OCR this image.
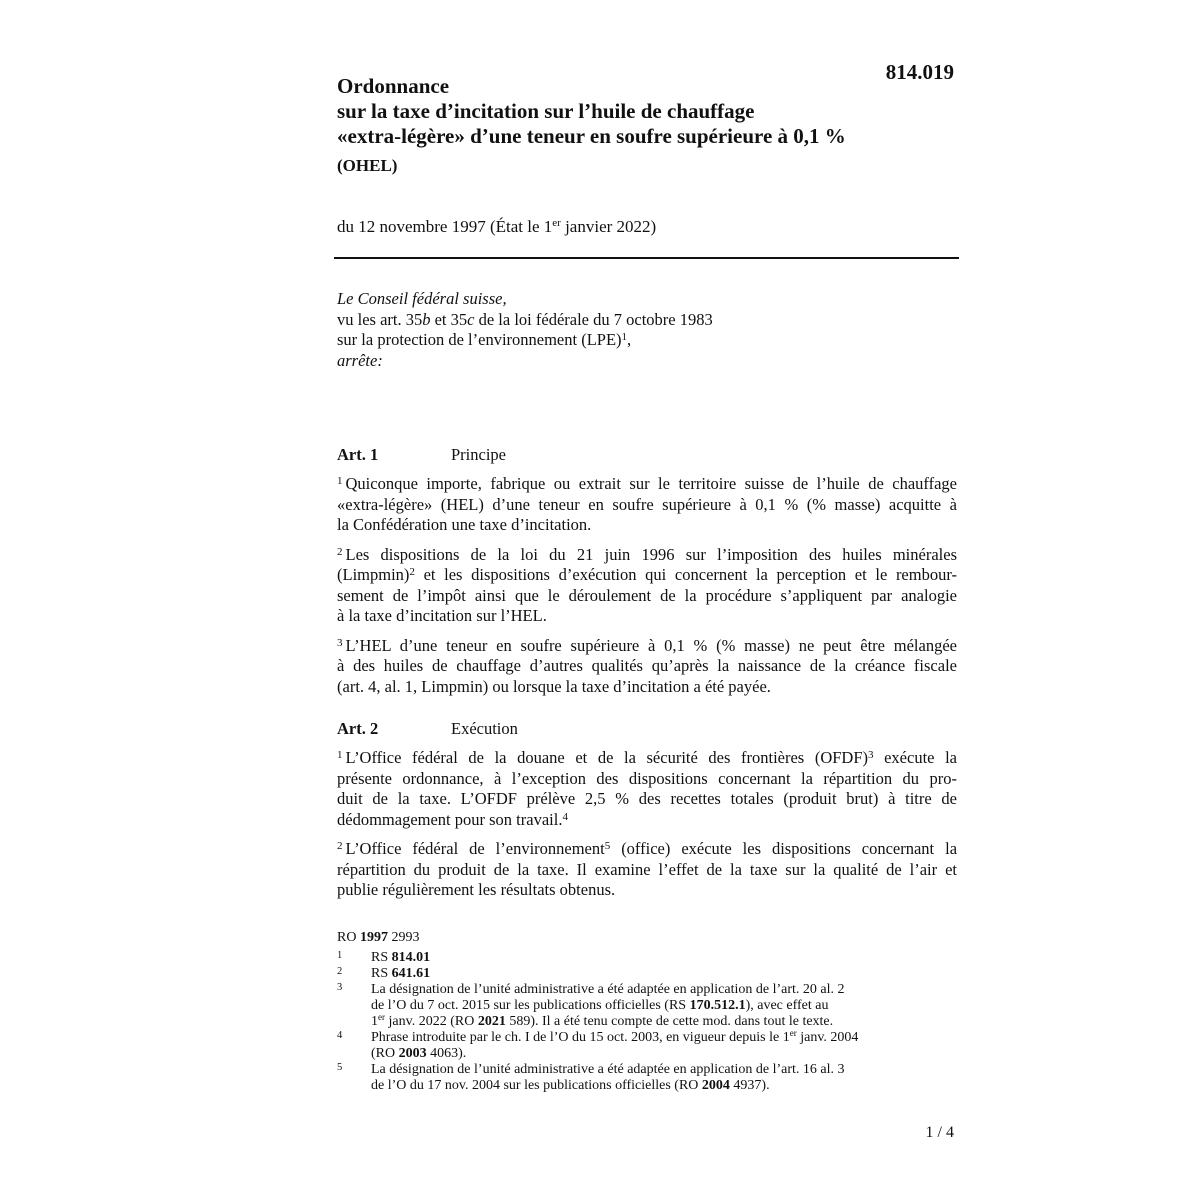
814.019
Ordonnance
sur la taxe d’incitation sur l’huile de chauffage
«extra-légère» d’une teneur en soufre supérieure à 0,1 %
(OHEL)
du 12 novembre 1997 (État le 1er janvier 2022)
Le Conseil fédéral suisse,
vu les art. 35b et 35c de la loi fédérale du 7 octobre 1983
sur la protection de l’environnement (LPE)$^1$,
arrête:
Art. 1	Principe
$^1$ Quiconque importe, fabrique ou extrait sur le territoire suisse de l’huile de chauffage
«extra-légère» (HEL) d’une teneur en soufre supérieure à 0,1 % (% masse) acquitte à
la Confédération une taxe d’incitation.
$^2$ Les dispositions de la loi du 21 juin 1996 sur l’imposition des huiles minérales
(Limpmin)$^2$ et les dispositions d’exécution qui concernent la perception et le rembour-
sement de l’impôt ainsi que le déroulement de la procédure s’appliquent par analogie
à la taxe d’incitation sur l’HEL.
$^3$ L’HEL d’une teneur en soufre supérieure à 0,1 % (% masse) ne peut être mélangée
à des huiles de chauffage d’autres qualités qu’après la naissance de la créance fiscale
(art. 4, al. 1, Limpmin) ou lorsque la taxe d’incitation a été payée.
Art. 2	Exécution
$^1$ L’Office fédéral de la douane et de la sécurité des frontières (OFDF)$^3$ exécute la
présente ordonnance, à l’exception des dispositions concernant la répartition du pro-
duit de la taxe. L’OFDF prélève 2,5 % des recettes totales (produit brut) à titre de
dédommagement pour son travail.$^4$
$^2$ L’Office fédéral de l’environnement$^5$ (office) exécute les dispositions concernant la
répartition du produit de la taxe. Il examine l’effet de la taxe sur la qualité de l’air et
publie régulièrement les résultats obtenus.
RO 1997 2993
1 RS 814.01
2 RS 641.61
3 La désignation de l’unité administrative a été adaptée en application de l’art. 20 al. 2
de l’O du 7 oct. 2015 sur les publications officielles (RS 170.512.1), avec effet au
1er janv. 2022 (RO 2021 589). Il a été tenu compte de cette mod. dans tout le texte.
4 Phrase introduite par le ch. I de l’O du 15 oct. 2003, en vigueur depuis le 1er janv. 2004
(RO 2003 4063).
5 La désignation de l’unité administrative a été adaptée en application de l’art. 16 al. 3
de l’O du 17 nov. 2004 sur les publications officielles (RO 2004 4937).
1 / 4
